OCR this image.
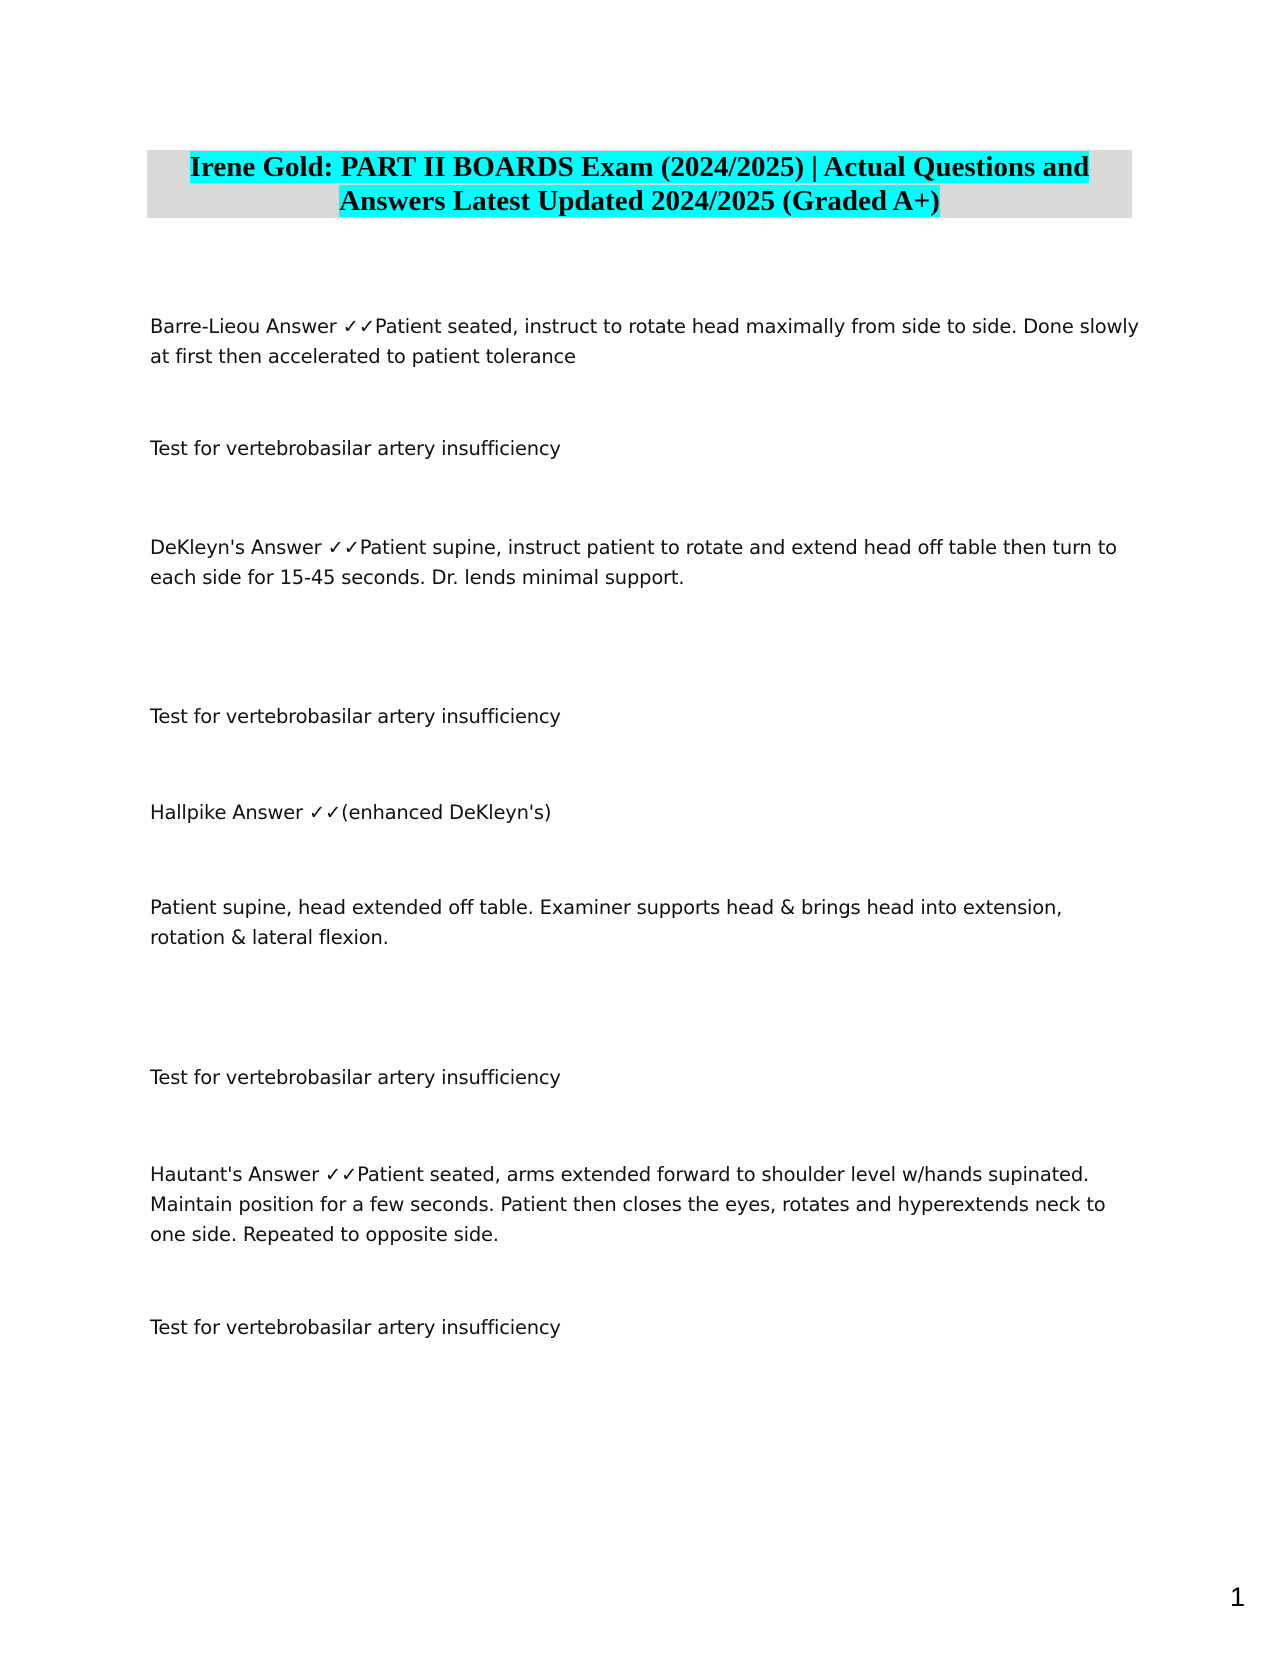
Irene Gold: PART II BOARDS Exam (2024/2025) | Actual Questions and
Answers Latest Updated 2024/2025 (Graded A+)

Barre-Lieou Answer ✓✓Patient seated, instruct to rotate head maximally from side to side. Done slowly at first then accelerated to patient tolerance

Test for vertebrobasilar artery insufficiency

DeKleyn's Answer ✓✓Patient supine, instruct patient to rotate and extend head off table then turn to each side for 15-45 seconds. Dr. lends minimal support.

Test for vertebrobasilar artery insufficiency

Hallpike Answer ✓✓(enhanced DeKleyn's)

Patient supine, head extended off table. Examiner supports head & brings head into extension, rotation & lateral flexion.

Test for vertebrobasilar artery insufficiency

Hautant's Answer ✓✓Patient seated, arms extended forward to shoulder level w/hands supinated. Maintain position for a few seconds. Patient then closes the eyes, rotates and hyperextends neck to one side. Repeated to opposite side.

Test for vertebrobasilar artery insufficiency

1
